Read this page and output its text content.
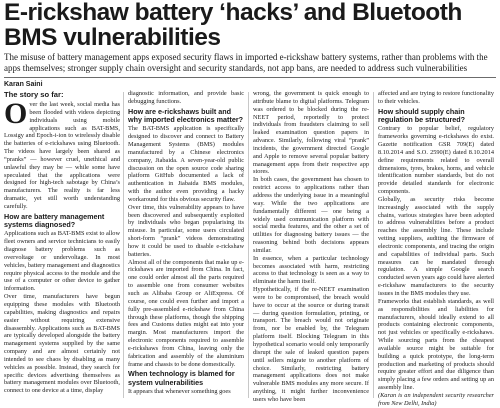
E-rickshaw battery ‘hacks’ and Bluetooth BMS vulnerabilities

The misuse of battery management apps exposed security flaws in imported e-rickshaw battery systems, rather than problems with the apps themselves; stronger supply chain oversight and security standards, not app bans, are needed to address such vulnerabilities

Karan Saini
The story so far:
O ver the last week, social media has been flooded with videos depicting individuals using mobile applications such as BAT-BMS, Lossigy and Epoch-i-ion to wirelessly disable the batteries of e-rickshaws using Bluetooth. The videos have largely been shared as “pranks” — however cruel, unethical and unlawful they may be — while some have speculated that the applications were designed for high-tech sabotage by China’s manufacturers. The reality is far less dramatic, yet still worth understanding carefully.

How are battery management systems diagnosed?

Applications such as BAT-BMS exist to allow fleet owners and service technicians to easily diagnose battery problems such as overvoltage or undervoltage. In most vehicles, battery management and diagnostics require physical access to the module and the use of a computer or other device to gather information.

Over time, manufacturers have begun equipping these modules with Bluetooth capabilities, making diagnostics and repairs easier without requiring extensive disassembly. Applications such as BAT-BMS are typically developed alongside the battery management systems supplied by the same company and are almost certainly not intended to see chaos by disabling as many vehicles as possible. Instead, they search for specific devices advertising themselves as battery management modules over Bluetooth, connect to one device at a time, display

diagnostic information, and provide basic debugging functions.

How are e-rickshaws built and why imported electronics matter?

The BAT-BMS application is specifically designed to discover and connect to Battery Management Systems (BMS) modules manufactured by a Chinese electronics company, Jiabaida. A seven-year-old public discussion on the open source code sharing platform GitHub documented a lack of authentication in Jiabaida BMS modules, with the author even providing a hacky workaround for this obvious security flaw.

Over time, this vulnerability appears to have been discovered and subsequently exploited by individuals who began popularising its misuse. In particular, some users circulated short-form “prank” videos demonstrating how it could be used to disable e-rickshaw batteries.

Almost all of the components that make up e-rickshaws are imported from China. In fact, one could order almost all the parts required to assemble one from consumer websites such as Alibaba Group or AliExpress. Of course, one could even further and import a fully pre-assembled e-rickshaw from China through these platforms, though the shipping fees and Customs duties might eat into your margin. Most manufacturers import the electronic components required to assemble e-rickshaws from China, leaving only the fabrication and assembly of the aluminium frame and chassis to be done domestically.

When technology is blamed for system vulnerabilities

It appears that whenever something goes

wrong, the government is quick enough to attribute blame to digital platforms. Telegram was ordered to be blocked during the re-NEET period, reportedly to protect individuals from fraudsters claiming to sell leaked examination question papers in advance. Similarly, following viral “prank” incidents, the government directed Google and Apple to remove several popular battery management apps from their respective app stores.

In both cases, the government has chosen to restrict access to applications rather than address the underlying issue in a meaningful way. While the two applications are fundamentally different — one being a widely used communication platform with social media features, and the other a set of utilities for diagnosing battery issues — the reasoning behind both decisions appears similar.

In essence, when a particular technology becomes associated with harm, restricting access to that technology is seen as a way to eliminate the harm itself.

Hypothetically, if the re-NEET examination were to be compromised, the breach would have to occur at the source or during transit — during question formulation, printing, or transport. The breach would not originate from, nor be enabled by, the Telegram platform itself. Blocking Telegram in this hypothetical scenario would only temporarily disrupt the sale of leaked question papers until sellers migrate to another platform of choice. Similarly, restricting battery management applications does not make vulnerable BMS modules any more secure. If anything, it might further inconvenience users who have been

affected and are trying to restore functionality to their vehicles.

How should supply chain regulation be structured?

Contrary to popular belief, regulatory frameworks governing e-rickshaws do exist. Gazette notification GSR 709(E) dated 8.10.2014 and S.O. 2590(E) dated 8.10.2014 define requirements related to overall dimensions, tyres, brakes, horns, and vehicle identification number standards, but do not provide detailed standards for electronic components.

Globally, as security risks become increasingly associated with the supply chains, various strategies have been adopted to address vulnerabilities before a product reaches the assembly line. These include vetting suppliers, auditing the firmware of electronic components, and tracing the origin and capabilities of individual parts. Such measures can be mandated through regulation. A simple Google search conducted seven years ago could have alerted e-rickshaw manufacturers to the security issues in the BMS modules they use.

Frameworks that establish standards, as well as responsibilities and liabilities for manufacturers, should ideally extend to all products containing electronic components, not just vehicles or specifically e-rickshaws. While sourcing parts from the cheapest available source might be suitable for building a quick prototype, the long-term production and marketing of products should require greater effort and due diligence than simply placing a few orders and setting up an assembly line.

(Karan is an independent security researcher from New Delhi, India)
